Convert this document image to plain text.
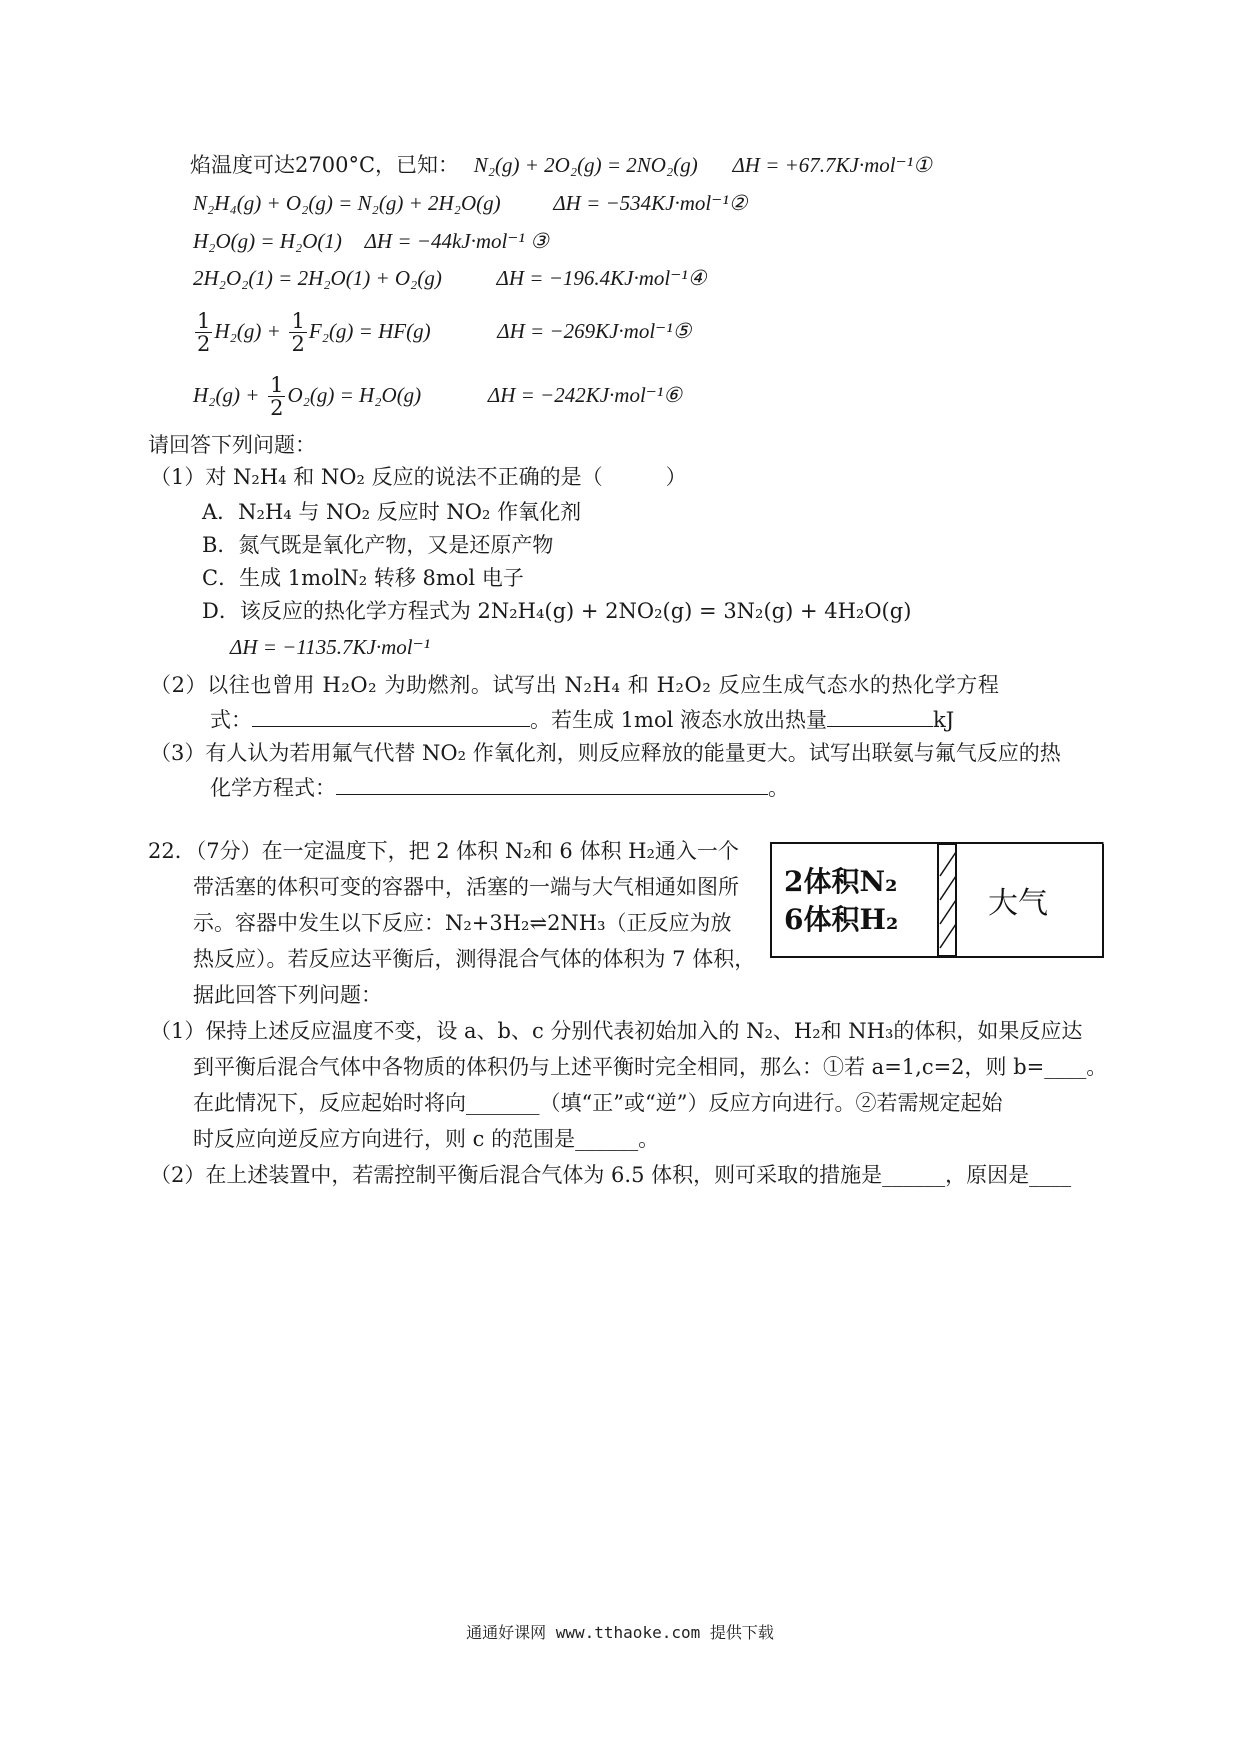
焰温度可达2700°C，已知： N₂(g) + 2O₂(g) = 2NO₂(g) ΔH = +67.7KJ·mol⁻¹①
N₂H₄(g) + O₂(g) = N₂(g) + 2H₂O(g)	ΔH = −534KJ·mol⁻¹②
H₂O(g) = H₂O(1) ΔH = −44kJ·mol⁻¹ ③
2H₂O₂(1) = 2H₂O(1) + O₂(g)	ΔH = −196.4KJ·mol⁻¹④
$\frac{1}{2} H_2(g) + \frac{1}{2} F_2(g) = HF(g)$	ΔH = −269KJ·mol⁻¹⑤
$H_2(g) + \frac{1}{2} O_2(g) = H_2O(g)$	ΔH = −242KJ·mol⁻¹⑥
请回答下列问题：
（1）对 N₂H₄ 和 NO₂ 反应的说法不正确的是（　　　）
A．N₂H₄ 与 NO₂ 反应时 NO₂ 作氧化剂
B．氮气既是氧化产物，又是还原产物
C．生成 1molN₂ 转移 8mol 电子
D．该反应的热化学方程式为 2N₂H₄(g) + 2NO₂(g) = 3N₂(g) + 4H₂O(g)
ΔH = −1135.7KJ·mol⁻¹
（2）以往也曾用 H₂O₂ 为助燃剂。试写出 N₂H₄ 和 H₂O₂ 反应生成气态水的热化学方程
式：	。若生成 1mol 液态水放出热量	kJ
（3）有人认为若用氟气代替 NO₂ 作氧化剂，则反应释放的能量更大。试写出联氨与氟气反应的热
化学方程式：	。
22．（7分）在一定温度下，把 2 体积 N₂和 6 体积 H₂通入一个
带活塞的体积可变的容器中，活塞的一端与大气相通如图所
示。容器中发生以下反应：N₂+3H₂⇌2NH₃（正反应为放
热反应）。若反应达平衡后，测得混合气体的体积为 7 体积，
据此回答下列问题：
2体积N₂
6体积H₂	大气
（1）保持上述反应温度不变，设 a、b、c 分别代表初始加入的 N₂、H₂和 NH₃的体积，如果反应达
到平衡后混合气体中各物质的体积仍与上述平衡时完全相同，那么：①若 a=1,c=2，则 b=____。
在此情况下，反应起始时将向_______（填“正”或“逆”）反应方向进行。②若需规定起始
时反应向逆反应方向进行，则 c 的范围是______。
（2）在上述装置中，若需控制平衡后混合气体为 6.5 体积，则可采取的措施是______，原因是____
通通好课网 www.tthaoke.com 提供下载
